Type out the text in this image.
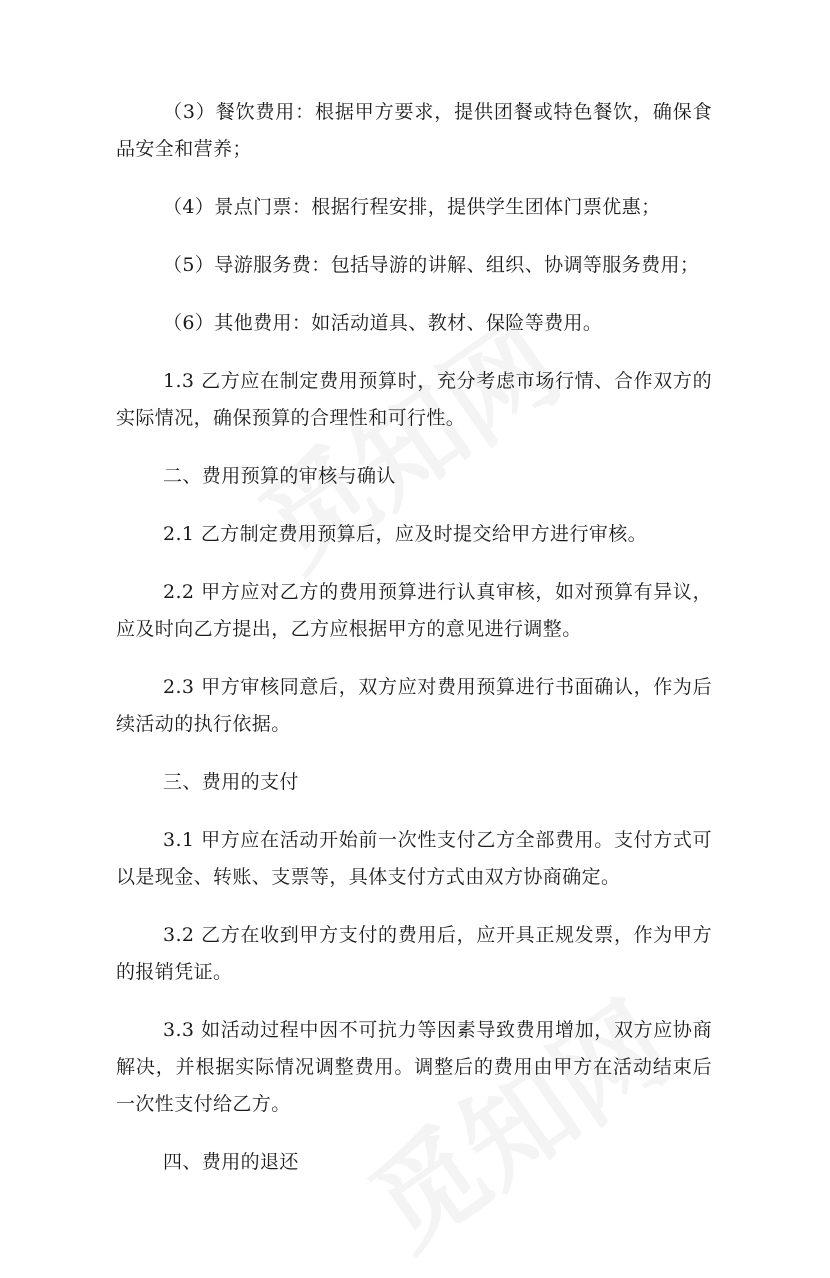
（3）餐饮费用：根据甲方要求，提供团餐或特色餐饮，确保食品安全和营养；

（4）景点门票：根据行程安排，提供学生团体门票优惠；

（5）导游服务费：包括导游的讲解、组织、协调等服务费用；

（6）其他费用：如活动道具、教材、保险等费用。

1.3 乙方应在制定费用预算时，充分考虑市场行情、合作双方的实际情况，确保预算的合理性和可行性。

二、费用预算的审核与确认

2.1 乙方制定费用预算后，应及时提交给甲方进行审核。

2.2 甲方应对乙方的费用预算进行认真审核，如对预算有异议，应及时向乙方提出，乙方应根据甲方的意见进行调整。

2.3 甲方审核同意后，双方应对费用预算进行书面确认，作为后续活动的执行依据。

三、费用的支付

3.1 甲方应在活动开始前一次性支付乙方全部费用。支付方式可以是现金、转账、支票等，具体支付方式由双方协商确定。

3.2 乙方在收到甲方支付的费用后，应开具正规发票，作为甲方的报销凭证。

3.3 如活动过程中因不可抗力等因素导致费用增加，双方应协商解决，并根据实际情况调整费用。调整后的费用由甲方在活动结束后一次性支付给乙方。

四、费用的退还
